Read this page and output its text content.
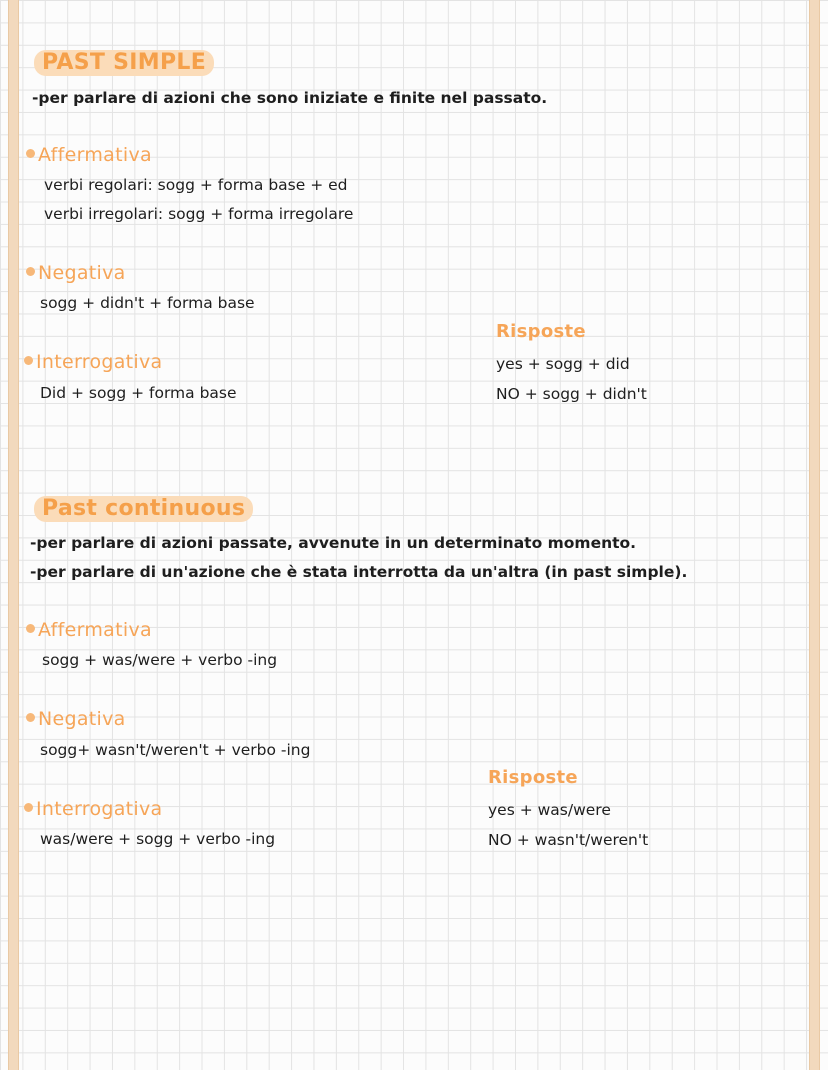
PAST SIMPLE
-per parlare di azioni che sono iniziate e finite nel passato.
Affermativa
verbi regolari: sogg + forma base + ed
verbi irregolari: sogg + forma irregolare
Negativa
sogg + didn't + forma base
Risposte
Interrogativa	yes + sogg + did
Did + sogg + forma base	NO + sogg + didn't
Past continuous
-per parlare di azioni passate, avvenute in un determinato momento.
-per parlare di un'azione che è stata interrotta da un'altra (in past simple).
Affermativa
sogg + was/were + verbo -ing
Negativa
sogg+ wasn't/weren't + verbo -ing
Risposte
Interrogativa	yes + was/were
was/were + sogg + verbo -ing	NO + wasn't/weren't
